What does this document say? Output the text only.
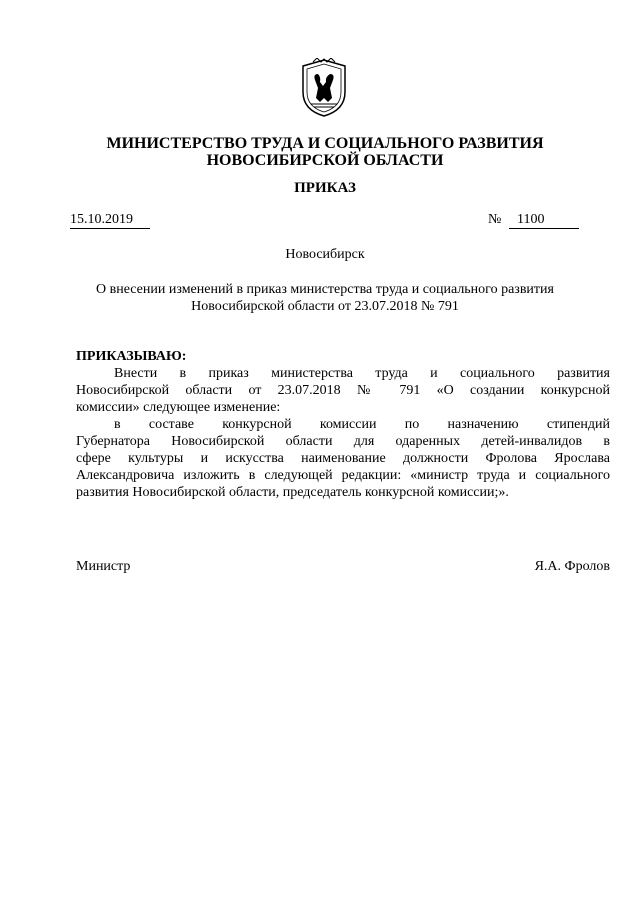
МИНИСТЕРСТВО ТРУДА И СОЦИАЛЬНОГО РАЗВИТИЯ
НОВОСИБИРСКОЙ ОБЛАСТИ
ПРИКАЗ
15.10.2019	№	1100
Новосибирск
О внесении изменений в приказ министерства труда и социального развития
Новосибирской области от 23.07.2018 № 791
ПРИКАЗЫВАЮ:
Внести в приказ министерства труда и социального развития
Новосибирской области от 23.07.2018 № 791 «О создании конкурсной
комиссии» следующее изменение:
в составе конкурсной комиссии по назначению стипендий
Губернатора Новосибирской области для одаренных детей-инвалидов в
сфере культуры и искусства наименование должности Фролова Ярослава
Александровича изложить в следующей редакции: «министр труда и социального
развития Новосибирской области, председатель конкурсной комиссии;».
Министр	Я.А. Фролов
